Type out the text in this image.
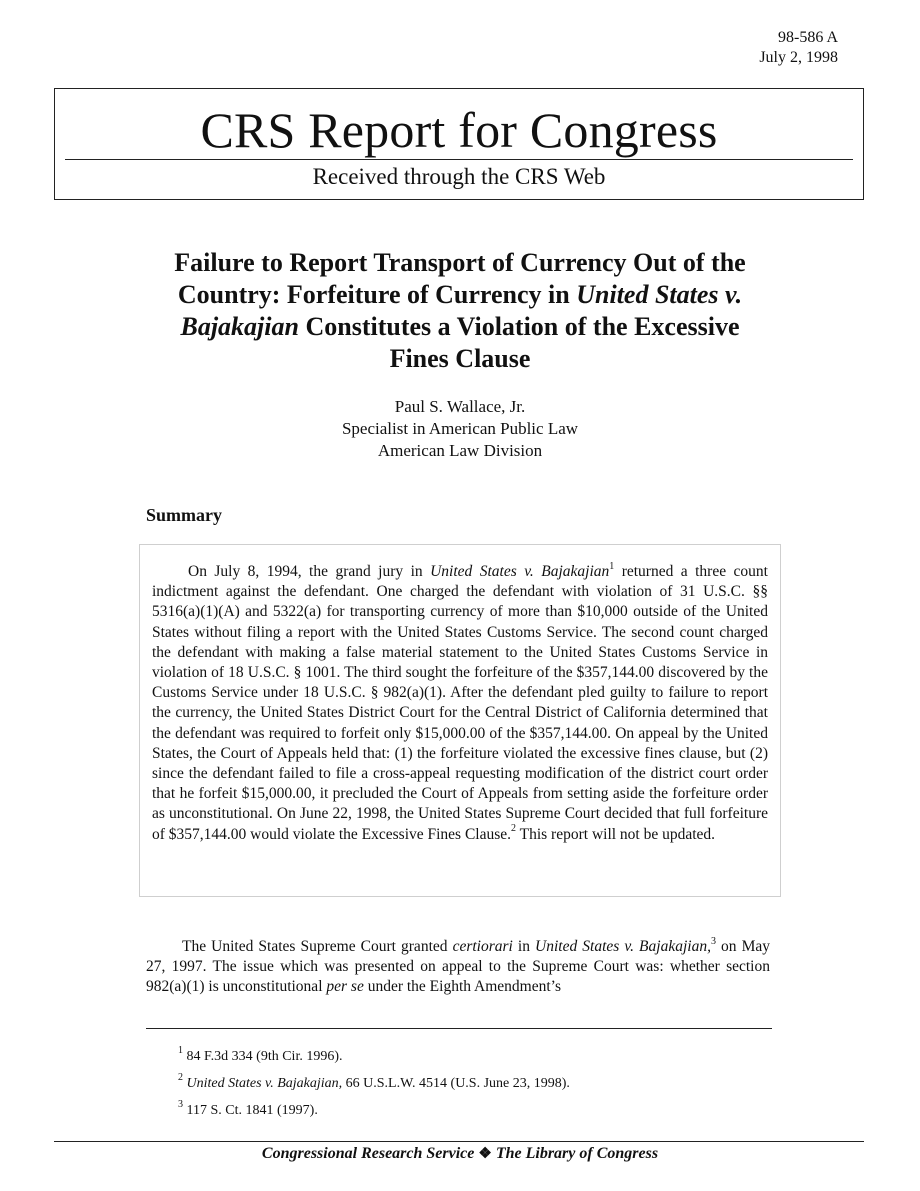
98-586 A
July 2, 1998
CRS Report for Congress
Received through the CRS Web
Failure to Report Transport of Currency Out of the Country: Forfeiture of Currency in United States v. Bajakajian Constitutes a Violation of the Excessive Fines Clause
Paul S. Wallace, Jr.
Specialist in American Public Law
American Law Division
Summary

On July 8, 1994, the grand jury in United States v. Bajakajian$^1$ returned a three count indictment against the defendant. One charged the defendant with violation of 31 U.S.C. §§ 5316(a)(1)(A) and 5322(a) for transporting currency of more than $10,000 outside of the United States without filing a report with the United States Customs Service. The second count charged the defendant with making a false material statement to the United States Customs Service in violation of 18 U.S.C. § 1001. The third sought the forfeiture of the $357,144.00 discovered by the Customs Service under 18 U.S.C. § 982(a)(1). After the defendant pled guilty to failure to report the currency, the United States District Court for the Central District of California determined that the defendant was required to forfeit only $15,000.00 of the $357,144.00. On appeal by the United States, the Court of Appeals held that: (1) the forfeiture violated the excessive fines clause, but (2) since the defendant failed to file a cross-appeal requesting modification of the district court order that he forfeit $15,000.00, it precluded the Court of Appeals from setting aside the forfeiture order as unconstitutional. On June 22, 1998, the United States Supreme Court decided that full forfeiture of $357,144.00 would violate the Excessive Fines Clause.$^2$ This report will not be updated.

The United States Supreme Court granted certiorari in United States v. Bajakajian,$^3$ on May 27, 1997. The issue which was presented on appeal to the Supreme Court was: whether section 982(a)(1) is unconstitutional per se under the Eighth Amendment’s

$^1$ 84 F.3d 334 (9th Cir. 1996).
$^2$ United States v. Bajakajian, 66 U.S.L.W. 4514 (U.S. June 23, 1998).
$^3$ 117 S. Ct. 1841 (1997).
Congressional Research Service ❖ The Library of Congress
